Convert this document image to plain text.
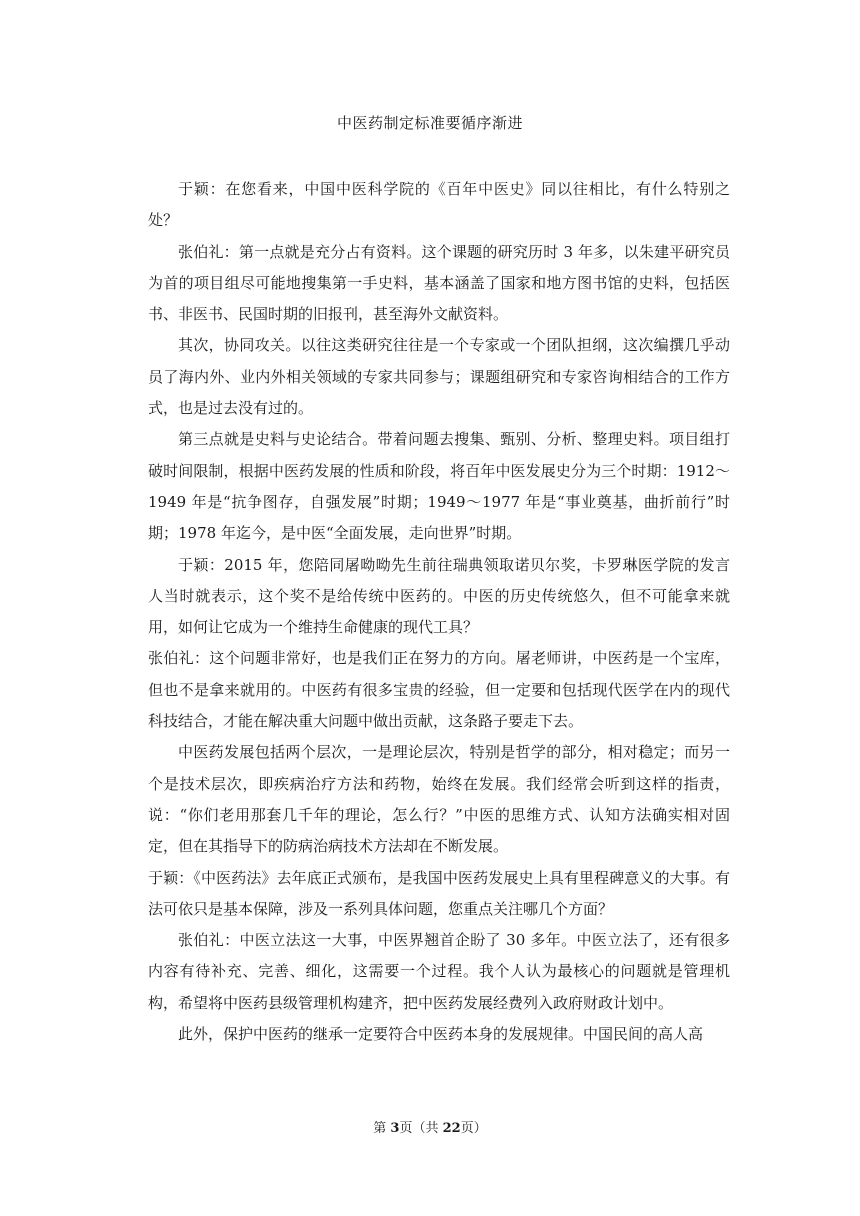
中医药制定标准要循序渐进

于颖：在您看来，中国中医科学院的《百年中医史》同以往相比，有什么特别之处？

张伯礼：第一点就是充分占有资料。这个课题的研究历时 3 年多，以朱建平研究员为首的项目组尽可能地搜集第一手史料，基本涵盖了国家和地方图书馆的史料，包括医书、非医书、民国时期的旧报刊，甚至海外文献资料。

其次，协同攻关。以往这类研究往往是一个专家或一个团队担纲，这次编撰几乎动员了海内外、业内外相关领域的专家共同参与；课题组研究和专家咨询相结合的工作方式，也是过去没有过的。

第三点就是史料与史论结合。带着问题去搜集、甄别、分析、整理史料。项目组打破时间限制，根据中医药发展的性质和阶段，将百年中医发展史分为三个时期：1912～1949 年是“抗争图存，自强发展”时期；1949～1977 年是“事业奠基，曲折前行”时期；1978 年迄今，是中医“全面发展，走向世界”时期。

于颖：2015 年，您陪同屠呦呦先生前往瑞典领取诺贝尔奖，卡罗琳医学院的发言人当时就表示，这个奖不是给传统中医药的。中医的历史传统悠久，但不可能拿来就用，如何让它成为一个维持生命健康的现代工具？

张伯礼：这个问题非常好，也是我们正在努力的方向。屠老师讲，中医药是一个宝库，但也不是拿来就用的。中医药有很多宝贵的经验，但一定要和包括现代医学在内的现代科技结合，才能在解决重大问题中做出贡献，这条路子要走下去。

中医药发展包括两个层次，一是理论层次，特别是哲学的部分，相对稳定；而另一个是技术层次，即疾病治疗方法和药物，始终在发展。我们经常会听到这样的指责，说：“你们老用那套几千年的理论，怎么行？”中医的思维方式、认知方法确实相对固定，但在其指导下的防病治病技术方法却在不断发展。

于颖：《中医药法》去年底正式颁布，是我国中医药发展史上具有里程碑意义的大事。有法可依只是基本保障，涉及一系列具体问题，您重点关注哪几个方面？

张伯礼：中医立法这一大事，中医界翘首企盼了 30 多年。中医立法了，还有很多内容有待补充、完善、细化，这需要一个过程。我个人认为最核心的问题就是管理机构，希望将中医药县级管理机构建齐，把中医药发展经费列入政府财政计划中。

此外，保护中医药的继承一定要符合中医药本身的发展规律。中国民间的高人高

第 3页（共 22页）
